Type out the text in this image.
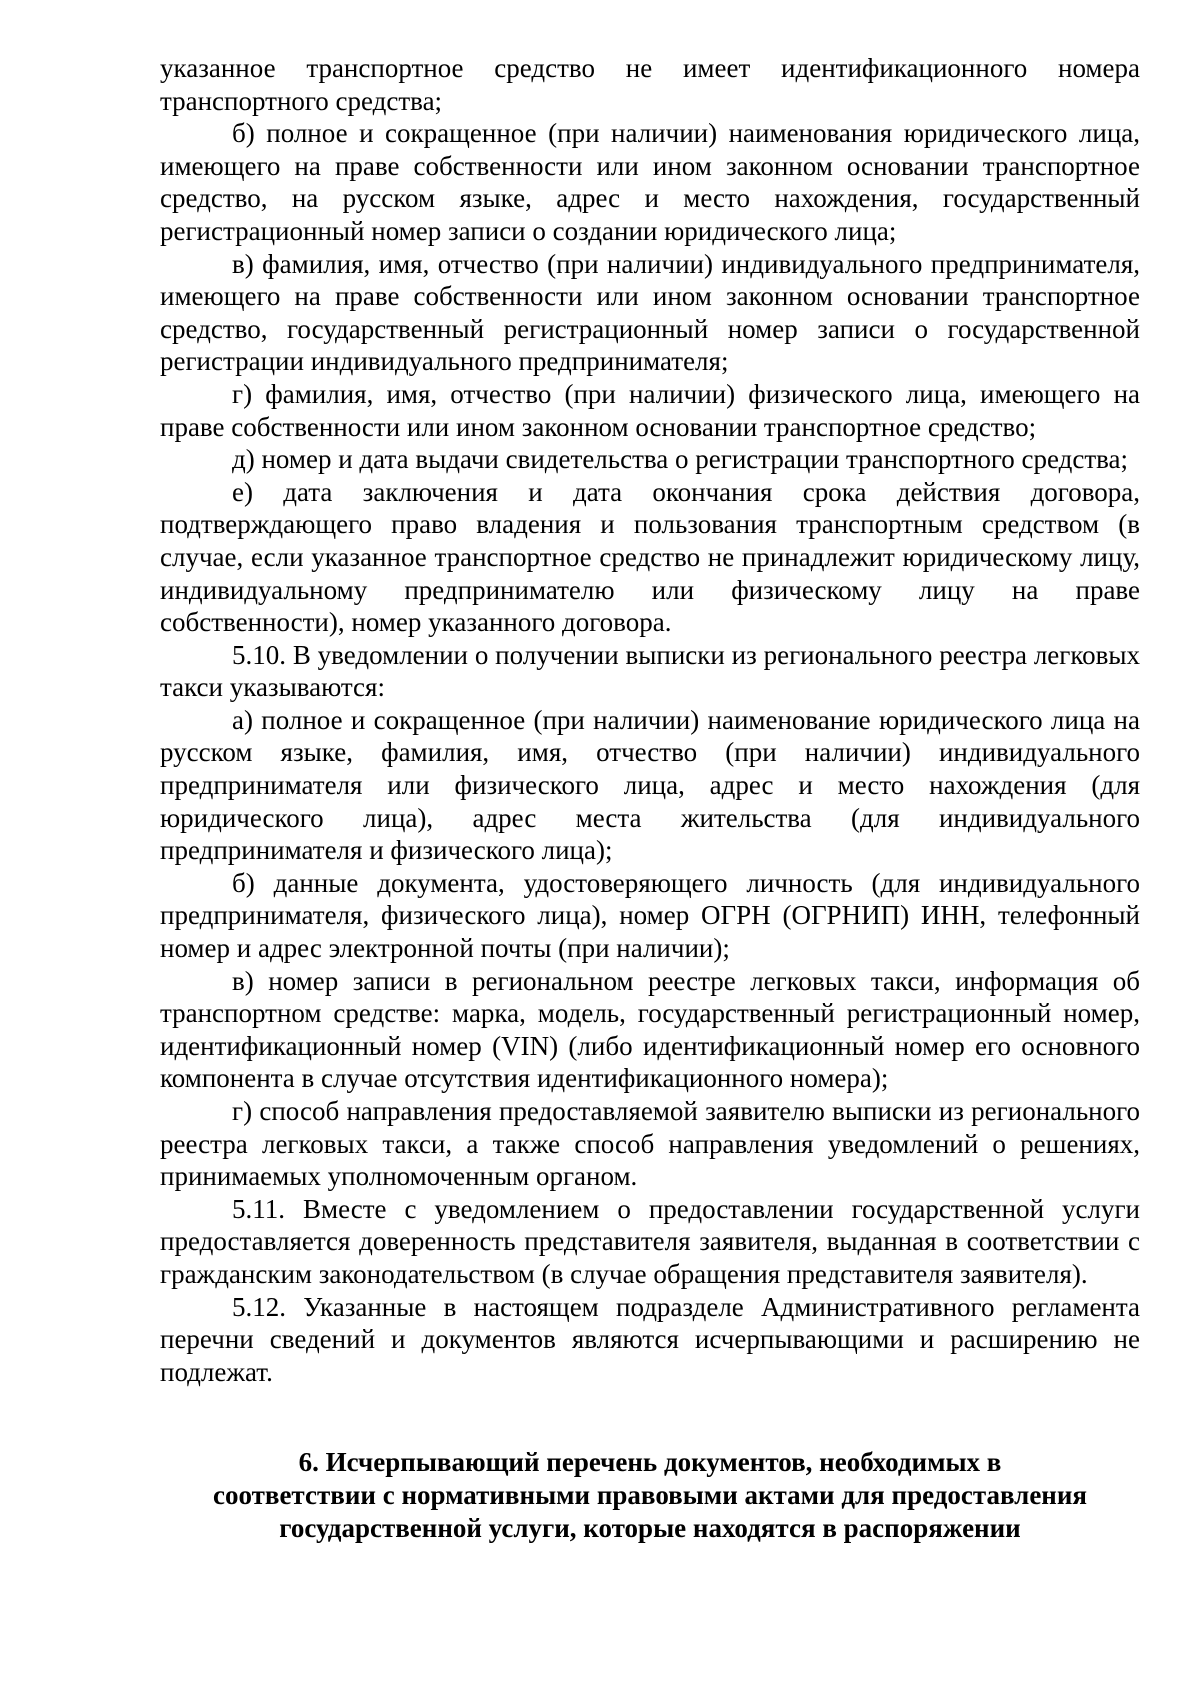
указанное транспортное средство не имеет идентификационного номера транспортного средства;

б) полное и сокращенное (при наличии) наименования юридического лица, имеющего на праве собственности или ином законном основании транспортное средство, на русском языке, адрес и место нахождения, государственный регистрационный номер записи о создании юридического лица;

в) фамилия, имя, отчество (при наличии) индивидуального предпринимателя, имеющего на праве собственности или ином законном основании транспортное средство, государственный регистрационный номер записи о государственной регистрации индивидуального предпринимателя;

г) фамилия, имя, отчество (при наличии) физического лица, имеющего на праве собственности или ином законном основании транспортное средство;

д) номер и дата выдачи свидетельства о регистрации транспортного средства;

е) дата заключения и дата окончания срока действия договора, подтверждающего право владения и пользования транспортным средством (в случае, если указанное транспортное средство не принадлежит юридическому лицу, индивидуальному предпринимателю или физическому лицу на праве собственности), номер указанного договора.

5.10. В уведомлении о получении выписки из регионального реестра легковых такси указываются:

а) полное и сокращенное (при наличии) наименование юридического лица на русском языке, фамилия, имя, отчество (при наличии) индивидуального предпринимателя или физического лица, адрес и место нахождения (для юридического лица), адрес места жительства (для индивидуального предпринимателя и физического лица);

б) данные документа, удостоверяющего личность (для индивидуального предпринимателя, физического лица), номер ОГРН (ОГРНИП) ИНН, телефонный номер и адрес электронной почты (при наличии);

в) номер записи в региональном реестре легковых такси, информация об транспортном средстве: марка, модель, государственный регистрационный номер, идентификационный номер (VIN) (либо идентификационный номер его основного компонента в случае отсутствия идентификационного номера);

г) способ направления предоставляемой заявителю выписки из регионального реестра легковых такси, а также способ направления уведомлений о решениях, принимаемых уполномоченным органом.

5.11. Вместе с уведомлением о предоставлении государственной услуги предоставляется доверенность представителя заявителя, выданная в соответствии с гражданским законодательством (в случае обращения представителя заявителя).

5.12. Указанные в настоящем подразделе Административного регламента перечни сведений и документов являются исчерпывающими и расширению не подлежат.

6. Исчерпывающий перечень документов, необходимых в
соответствии с нормативными правовыми актами для предоставления
государственной услуги, которые находятся в распоряжении
